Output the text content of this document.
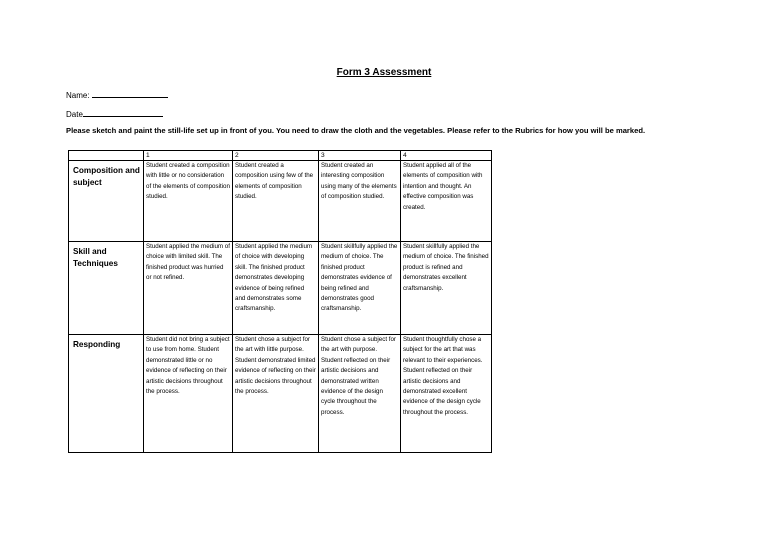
Form 3 Assessment
Name:
Date
Please sketch and paint the still-life set up in front of you. You need to draw the cloth and the vegetables. Please refer to the Rubrics for how you will be marked.
	1	2	3	4
Composition and subject	Student created a composition with little or no consideration of the elements of composition studied.	Student created a composition using few of the elements of composition studied.	Student created an interesting composition using many of the elements of composition studied.	Student applied all of the elements of composition with intention and thought. An effective composition was created.
Skill and Techniques	Student applied the medium of choice with limited skill. The finished product was hurried or not refined.	Student applied the medium of choice with developing skill. The finished product demonstrates developing evidence of being refined and demonstrates some craftsmanship.	Student skillfully applied the medium of choice. The finished product demonstrates evidence of being refined and demonstrates good craftsmanship.	Student skillfully applied the medium of choice. The finished product is refined and demonstrates excellent craftsmanship.
Responding	Student did not bring a subject to use from home. Student demonstrated little or no evidence of reflecting on their artistic decisions throughout the process.	Student chose a subject for the art with little purpose. Student demonstrated limited evidence of reflecting on their artistic decisions throughout the process.	Student chose a subject for the art with purpose. Student reflected on their artistic decisions and demonstrated written evidence of the design cycle throughout the process.	Student thoughtfully chose a subject for the art that was relevant to their experiences. Student reflected on their artistic decisions and demonstrated excellent evidence of the design cycle throughout the process.
